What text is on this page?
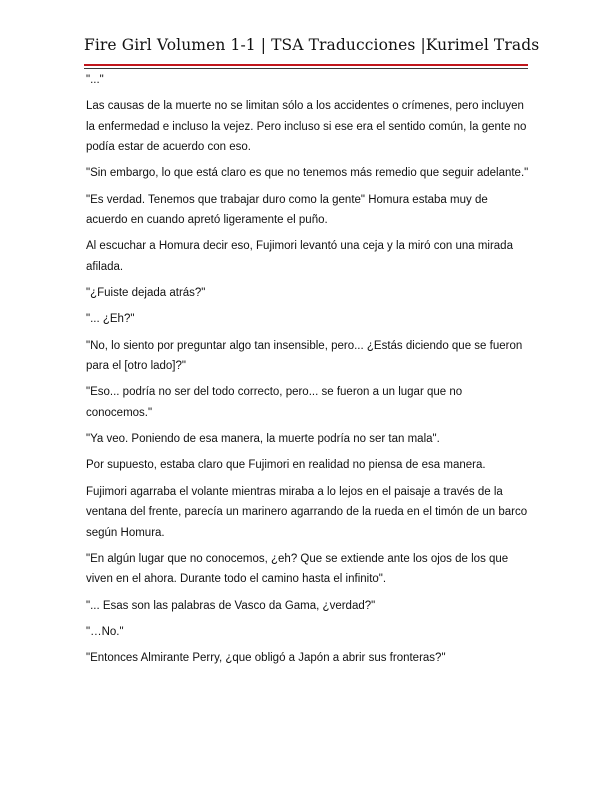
Fire Girl Volumen 1-1 | TSA Traducciones |Kurimel Trads

"..."

Las causas de la muerte no se limitan sólo a los accidentes o crímenes, pero incluyen la enfermedad e incluso la vejez. Pero incluso si ese era el sentido común, la gente no podía estar de acuerdo con eso.

"Sin embargo, lo que está claro es que no tenemos más remedio que seguir adelante."

"Es verdad. Tenemos que trabajar duro como la gente" Homura estaba muy de acuerdo en cuando apretó ligeramente el puño.

Al escuchar a Homura decir eso, Fujimori levantó una ceja y la miró con una mirada afilada.

"¿Fuiste dejada atrás?"

"... ¿Eh?"

"No, lo siento por preguntar algo tan insensible, pero... ¿Estás diciendo que se fueron para el [otro lado]?"

"Eso... podría no ser del todo correcto, pero... se fueron a un lugar que no conocemos."

"Ya veo. Poniendo de esa manera, la muerte podría no ser tan mala".

Por supuesto, estaba claro que Fujimori en realidad no piensa de esa manera.

Fujimori agarraba el volante mientras miraba a lo lejos en el paisaje a través de la ventana del frente, parecía un marinero agarrando de la rueda en el timón de un barco según Homura.

"En algún lugar que no conocemos, ¿eh? Que se extiende ante los ojos de los que viven en el ahora. Durante todo el camino hasta el infinito".

"... Esas son las palabras de Vasco da Gama, ¿verdad?"

"…No."

"Entonces Almirante Perry, ¿que obligó a Japón a abrir sus fronteras?"
